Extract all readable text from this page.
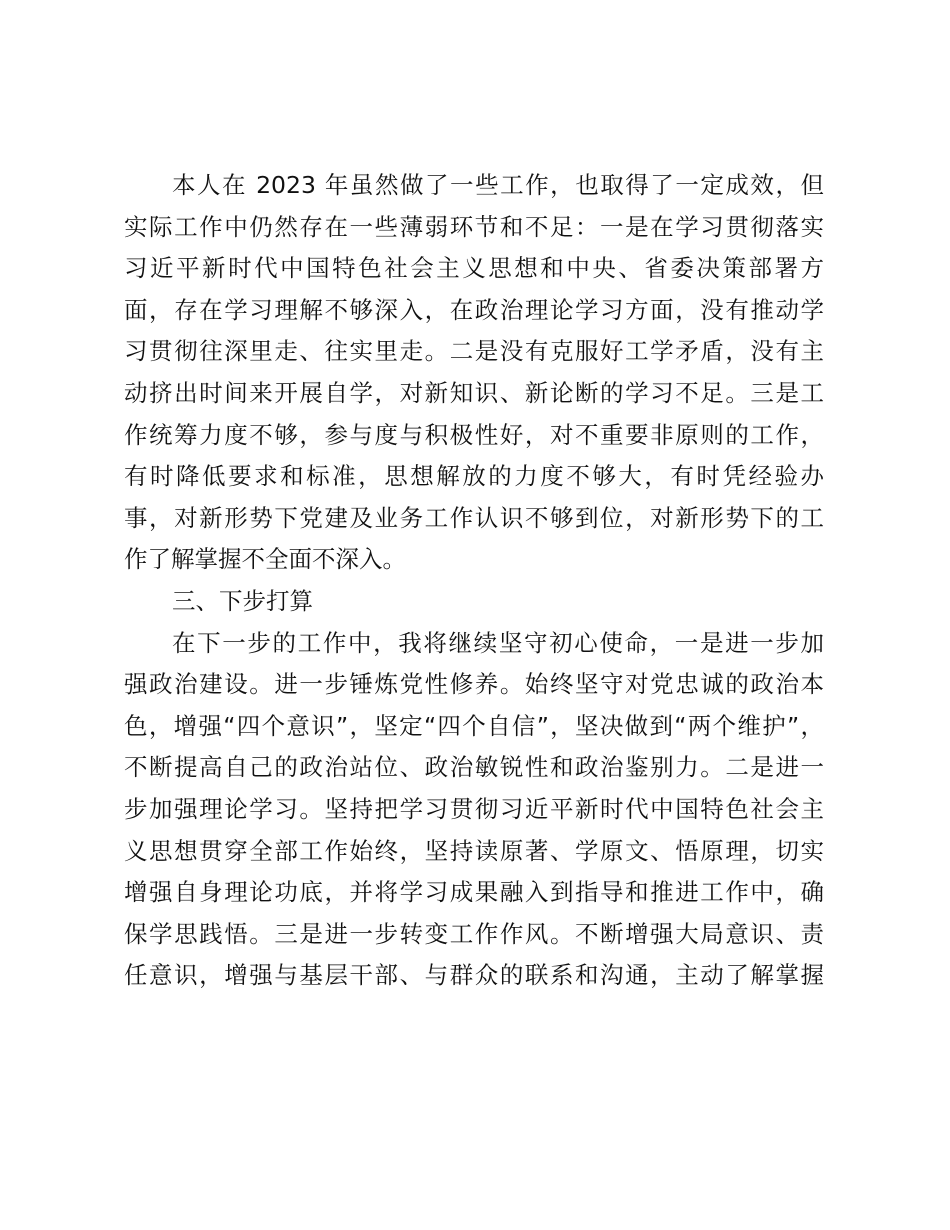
本人在 2023 年虽然做了一些工作，也取得了一定成效，但
实际工作中仍然存在一些薄弱环节和不足：一是在学习贯彻落实
习近平新时代中国特色社会主义思想和中央、省委决策部署方
面，存在学习理解不够深入，在政治理论学习方面，没有推动学
习贯彻往深里走、往实里走。二是没有克服好工学矛盾，没有主
动挤出时间来开展自学，对新知识、新论断的学习不足。三是工
作统筹力度不够，参与度与积极性好，对不重要非原则的工作，
有时降低要求和标准，思想解放的力度不够大，有时凭经验办
事，对新形势下党建及业务工作认识不够到位，对新形势下的工
作了解掌握不全面不深入。
三、下步打算
在下一步的工作中，我将继续坚守初心使命，一是进一步加
强政治建设。进一步锤炼党性修养。始终坚守对党忠诚的政治本
色，增强“四个意识”，坚定“四个自信”，坚决做到“两个维护”，
不断提高自己的政治站位、政治敏锐性和政治鉴别力。二是进一
步加强理论学习。坚持把学习贯彻习近平新时代中国特色社会主
义思想贯穿全部工作始终，坚持读原著、学原文、悟原理，切实
增强自身理论功底，并将学习成果融入到指导和推进工作中，确
保学思践悟。三是进一步转变工作作风。不断增强大局意识、责
任意识，增强与基层干部、与群众的联系和沟通，主动了解掌握
